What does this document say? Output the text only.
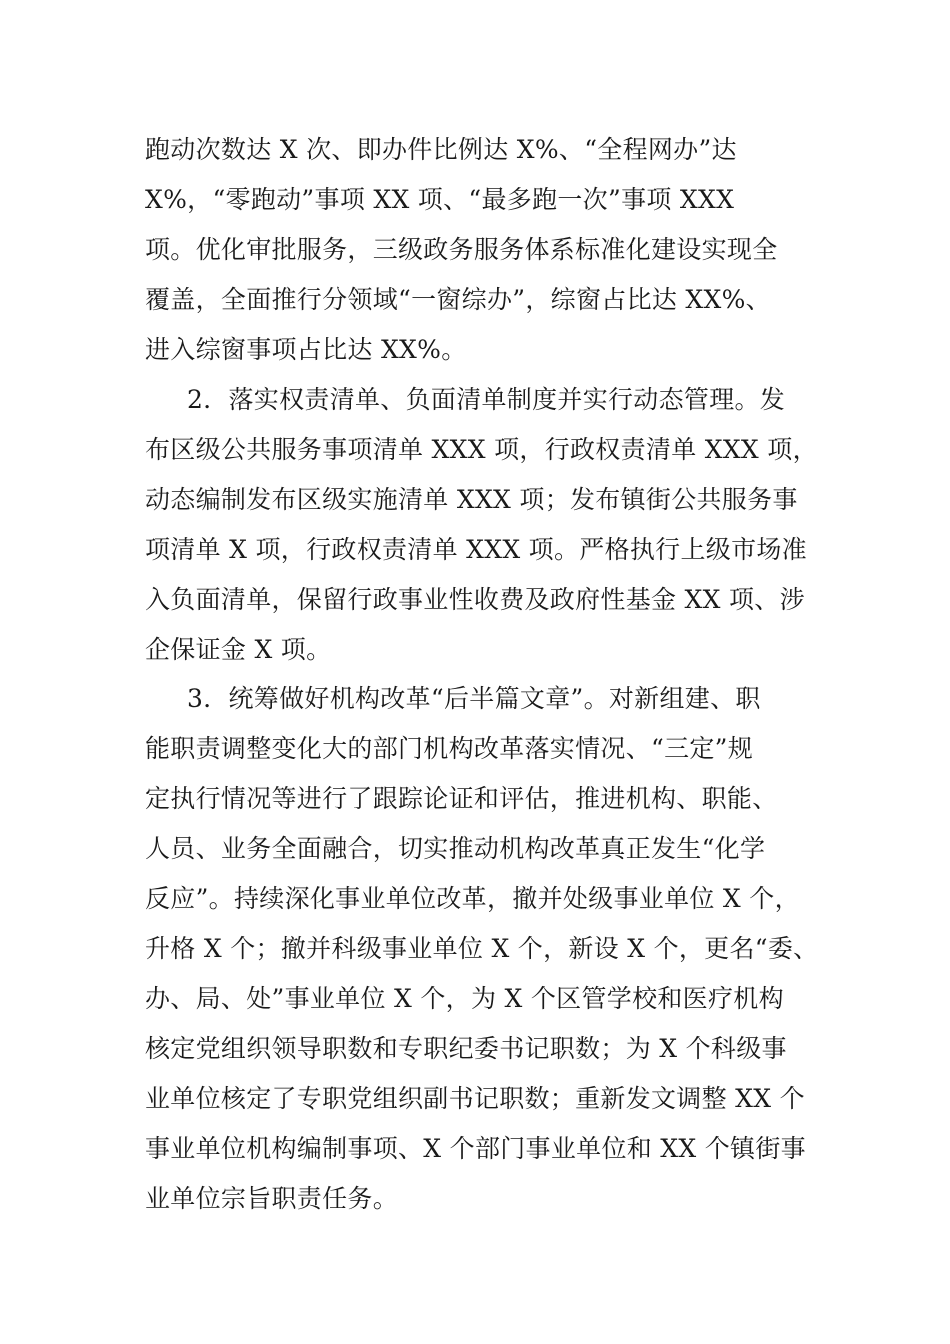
跑动次数达 X 次、即办件比例达 X%、“全程网办”达
X%，“零跑动”事项 XX 项、“最多跑一次”事项 XXX
项。优化审批服务，三级政务服务体系标准化建设实现全
覆盖，全面推行分领域“一窗综办”，综窗占比达 XX%、
进入综窗事项占比达 XX%。
2．落实权责清单、负面清单制度并实行动态管理。发
布区级公共服务事项清单 XXX 项，行政权责清单 XXX 项，
动态编制发布区级实施清单 XXX 项；发布镇街公共服务事
项清单 X 项，行政权责清单 XXX 项。严格执行上级市场准
入负面清单，保留行政事业性收费及政府性基金 XX 项、涉
企保证金 X 项。
3．统筹做好机构改革“后半篇文章”。对新组建、职
能职责调整变化大的部门机构改革落实情况、“三定”规
定执行情况等进行了跟踪论证和评估，推进机构、职能、
人员、业务全面融合，切实推动机构改革真正发生“化学
反应”。持续深化事业单位改革，撤并处级事业单位 X 个，
升格 X 个；撤并科级事业单位 X 个，新设 X 个，更名“委、
办、局、处”事业单位 X 个，为 X 个区管学校和医疗机构
核定党组织领导职数和专职纪委书记职数；为 X 个科级事
业单位核定了专职党组织副书记职数；重新发文调整 XX 个
事业单位机构编制事项、X 个部门事业单位和 XX 个镇街事
业单位宗旨职责任务。
